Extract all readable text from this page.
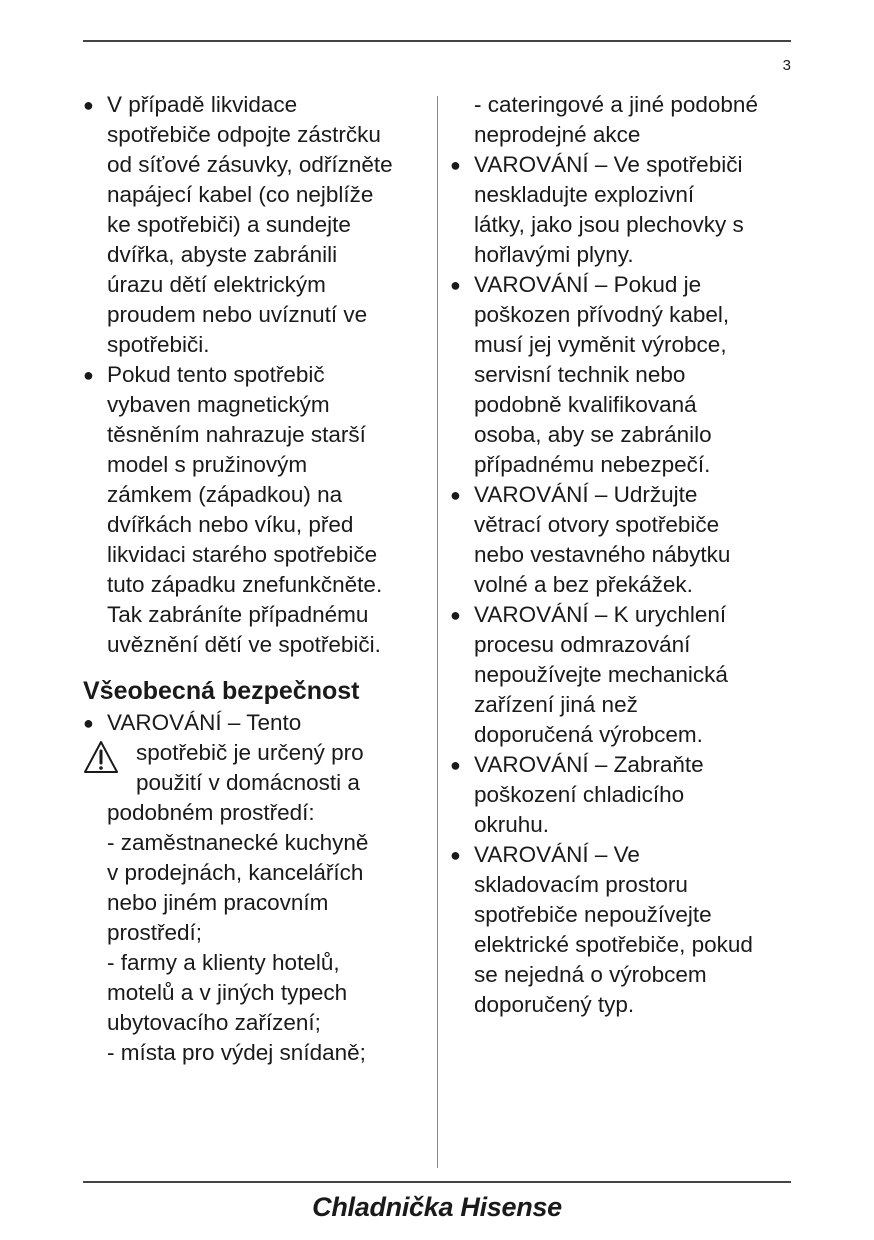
3
● V případě likvidace
spotřebiče odpojte zástrčku
od síťové zásuvky, odřízněte
napájecí kabel (co nejblíže
ke spotřebiči) a sundejte
dvířka, abyste zabránili
úrazu dětí elektrickým
proudem nebo uvíznutí ve
spotřebiči.
● Pokud tento spotřebič
vybaven magnetickým
těsněním nahrazuje starší
model s pružinovým
zámkem (západkou) na
dvířkách nebo víku, před
likvidaci starého spotřebiče
tuto západku znefunkčněte.
Tak zabráníte případnému
uvěznění dětí ve spotřebiči.
Všeobecná bezpečnost
● VAROVÁNÍ – Tento
spotřebič je určený pro
použití v domácnosti a
podobném prostředí:
- zaměstnanecké kuchyně
v prodejnách, kancelářích
nebo jiném pracovním
prostředí;
- farmy a klienty hotelů,
motelů a v jiných typech
ubytovacího zařízení;
- místa pro výdej snídaně;
- cateringové a jiné podobné
neprodejné akce
● VAROVÁNÍ – Ve spotřebiči
neskladujte explozivní
látky, jako jsou plechovky s
hořlavými plyny.
● VAROVÁNÍ – Pokud je
poškozen přívodný kabel,
musí jej vyměnit výrobce,
servisní technik nebo
podobně kvalifikovaná
osoba, aby se zabránilo
případnému nebezpečí.
● VAROVÁNÍ – Udržujte
větrací otvory spotřebiče
nebo vestavného nábytku
volné a bez překážek.
● VAROVÁNÍ – K urychlení
procesu odmrazování
nepoužívejte mechanická
zařízení jiná než
doporučená výrobcem.
● VAROVÁNÍ – Zabraňte
poškození chladicího
okruhu.
● VAROVÁNÍ – Ve
skladovacím prostoru
spotřebiče nepoužívejte
elektrické spotřebiče, pokud
se nejedná o výrobcem
doporučený typ.
Chladnička Hisense
